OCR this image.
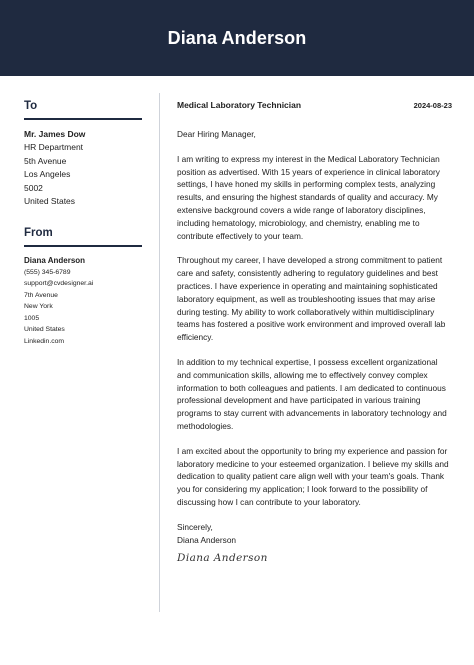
Diana Anderson
To
Mr. James Dow
HR Department
5th Avenue
Los Angeles
5002
United States
From
Diana Anderson
(555) 345-6789
support@cvdesigner.ai
7th Avenue
New York
1005
United States
Linkedin.com
Medical Laboratory Technician	2024-08-23

Dear Hiring Manager,

I am writing to express my interest in the Medical Laboratory Technician position as advertised. With 15 years of experience in clinical laboratory settings, I have honed my skills in performing complex tests, analyzing results, and ensuring the highest standards of quality and accuracy. My extensive background covers a wide range of laboratory disciplines, including hematology, microbiology, and chemistry, enabling me to contribute effectively to your team.

Throughout my career, I have developed a strong commitment to patient care and safety, consistently adhering to regulatory guidelines and best practices. I have experience in operating and maintaining sophisticated laboratory equipment, as well as troubleshooting issues that may arise during testing. My ability to work collaboratively within multidisciplinary teams has fostered a positive work environment and improved overall lab efficiency.

In addition to my technical expertise, I possess excellent organizational and communication skills, allowing me to effectively convey complex information to both colleagues and patients. I am dedicated to continuous professional development and have participated in various training programs to stay current with advancements in laboratory technology and methodologies.

I am excited about the opportunity to bring my experience and passion for laboratory medicine to your esteemed organization. I believe my skills and dedication to quality patient care align well with your team's goals. Thank you for considering my application; I look forward to the possibility of discussing how I can contribute to your laboratory.

Sincerely,
Diana Anderson
Diana Anderson
